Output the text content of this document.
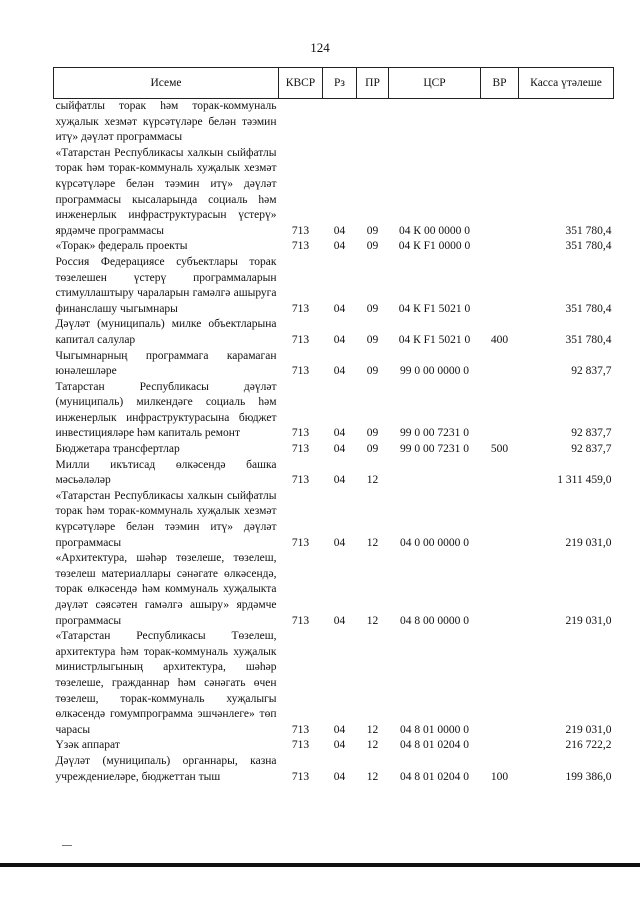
124
Исеме	КВСР	Рз	ПР	ЦСР	ВР	Касса үтәлеше
сыйфатлы торак һәм торак-коммуналь хуҗалык хезмәт күрсәтүләре белән тәэмин итү» дәүләт программасы						
«Татарстан Республикасы халкын сыйфатлы торак һәм торак-коммуналь хуҗалык хезмәт күрсәтүләре белән тәэмин итү» дәүләт программасы кысаларында социаль һәм инженерлык инфраструктурасын үстерү» ярдәмче программасы	713	04	09	04 К 00 0000 0		351 780,4
«Торак» федераль проекты	713	04	09	04 К F1 0000 0		351 780,4
Россия Федерациясе субъектлары торак төзелешен үстерү программаларын стимуллаштыру чараларын гамәлгә ашыруга финанслашу чыгымнары	713	04	09	04 К F1 5021 0		351 780,4
Дәүләт (муниципаль) милке объектларына капитал салулар	713	04	09	04 К F1 5021 0	400	351 780,4
Чыгымнарның программага карамаган юнәлешләре	713	04	09	99 0 00 0000 0		92 837,7
Татарстан Республикасы дәүләт (муниципаль) милкендәге социаль һәм инженерлык инфраструктурасына бюджет инвестицияләре һәм капиталь ремонт	713	04	09	99 0 00 7231 0		92 837,7
Бюджетара трансфертлар	713	04	09	99 0 00 7231 0	500	92 837,7
Милли икътисад өлкәсендә башка мәсьәләләр	713	04	12			1 311 459,0
«Татарстан Республикасы халкын сыйфатлы торак һәм торак-коммуналь хуҗалык хезмәт күрсәтүләре белән тәэмин итү» дәүләт программасы	713	04	12	04 0 00 0000 0		219 031,0
«Архитектура, шәһәр төзелеше, төзелеш, төзелеш материаллары сәнәгате өлкәсендә, торак өлкәсендә һәм коммуналь хуҗалыкта дәүләт сәясәтен гамәлгә ашыру» ярдәмче программасы	713	04	12	04 8 00 0000 0		219 031,0
«Татарстан Республикасы Төзелеш, архитектура һәм торак-коммуналь хуҗалык министрлыгының архитектура, шәһәр төзелеше, гражданнар һәм сәнәгать өчен төзелеш, торак-коммуналь хуҗалыгы өлкәсендә гомумпрограмма эшчәнлеге» төп чарасы	713	04	12	04 8 01 0000 0		219 031,0
Үзәк аппарат	713	04	12	04 8 01 0204 0		216 722,2
Дәүләт (муниципаль) органнары, казна учреждениеләре, бюджеттан тыш	713	04	12	04 8 01 0204 0	100	199 386,0
